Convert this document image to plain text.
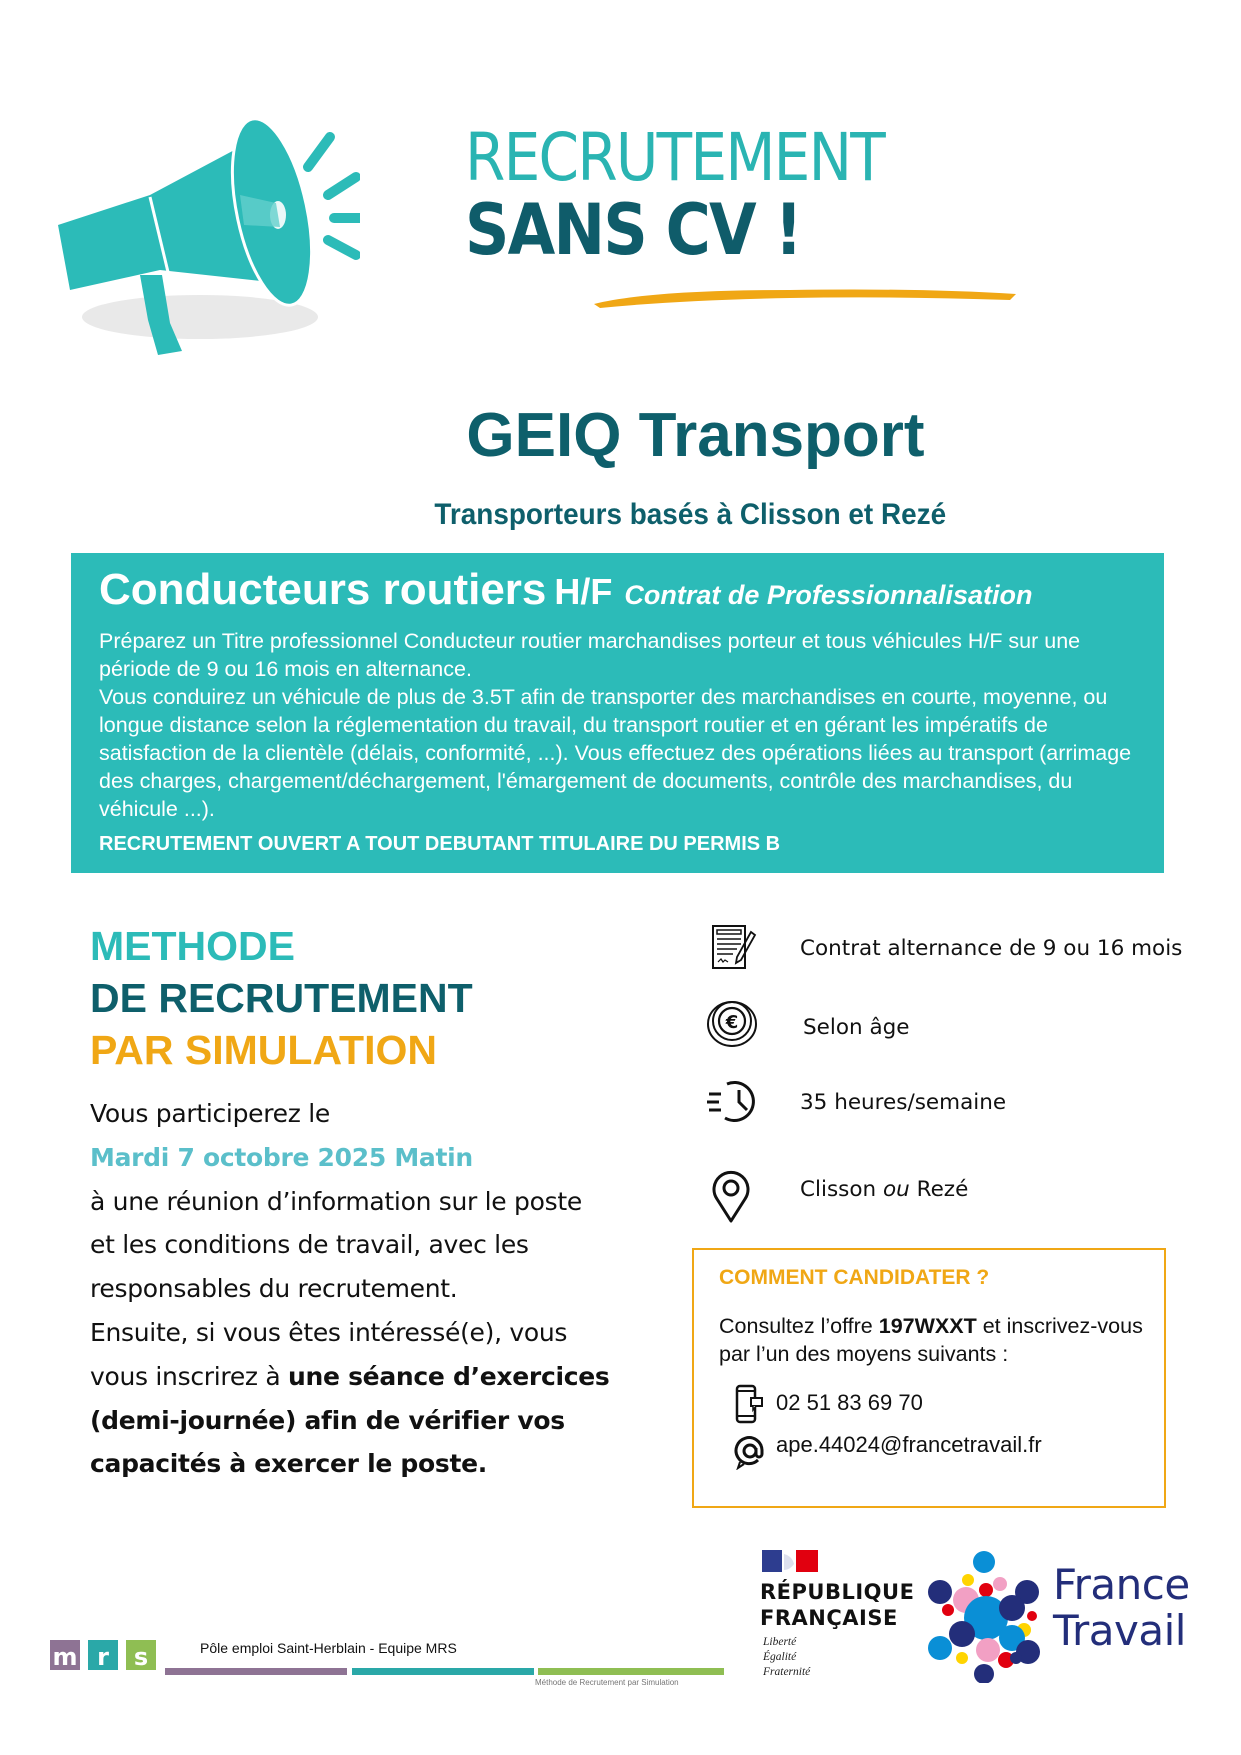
RECRUTEMENT
SANS CV !
GEIQ Transport
Transporteurs basés à Clisson et Rezé
Conducteurs routiers H/F Contrat de Professionnalisation
Préparez un Titre professionnel Conducteur routier marchandises porteur et tous véhicules H/F sur une période de 9 ou 16 mois en alternance.
Vous conduirez un véhicule de plus de 3.5T afin de transporter des marchandises en courte, moyenne, ou longue distance selon la réglementation du travail, du transport routier et en gérant les impératifs de satisfaction de la clientèle (délais, conformité, ...). Vous effectuez des opérations liées au transport (arrimage des charges, chargement/déchargement, l'émargement de documents, contrôle des marchandises, du véhicule ...).
RECRUTEMENT OUVERT A TOUT DEBUTANT TITULAIRE DU PERMIS B
METHODE
DE RECRUTEMENT
PAR SIMULATION
Vous participerez le
Mardi 7 octobre 2025 Matin
à une réunion d’information sur le poste et les conditions de travail, avec les responsables du recrutement.
Ensuite, si vous êtes intéressé(e), vous vous inscrirez à une séance d’exercices (demi-journée) afin de vérifier vos capacités à exercer le poste.
Contrat alternance de 9 ou 16 mois
€	Selon âge
35 heures/semaine
Clisson ou Rezé
COMMENT CANDIDATER ?
Consultez l’offre 197WXXT et inscrivez-vous par l’un des moyens suivants :
02 51 83 69 70
ape.44024@francetravail.fr
RÉPUBLIQUE
FRANÇAISE
Liberté
Égalité
Fraternité
France
Travail
m r	s	Pôle emploi Saint-Herblain - Equipe MRS
Méthode de Recrutement par Simulation
